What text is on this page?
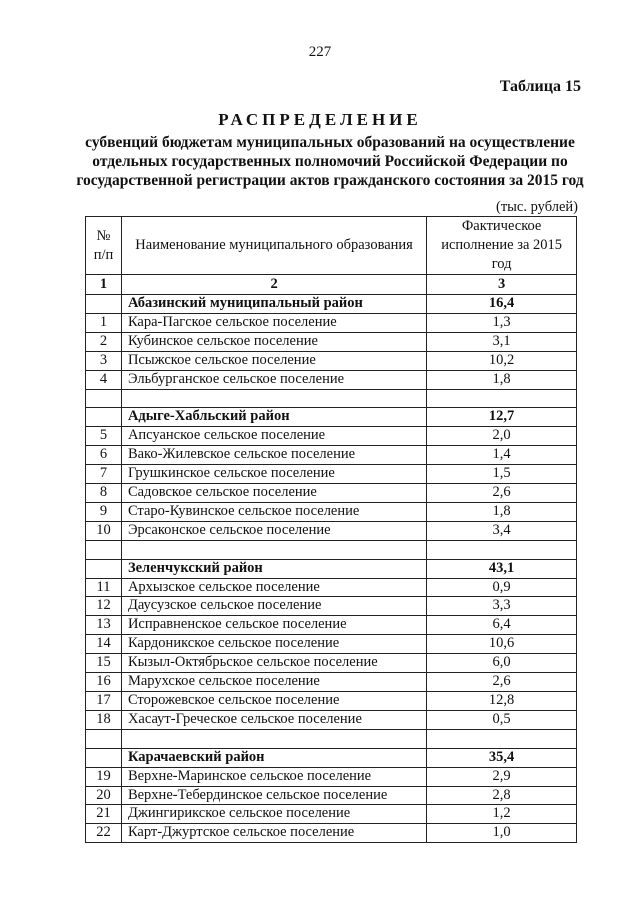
227
Таблица 15
РАСПРЕДЕЛЕНИЕ
субвенций бюджетам муниципальных образований на осуществление отдельных государственных полномочий Российской Федерации по государственной регистрации актов гражданского состояния за 2015 год
(тыс. рублей)
№ п/п	Наименование муниципального образования	Фактическое исполнение за 2015 год
1	2	3
	Абазинский муниципальный район	16,4
1	Кара-Пагское сельское поселение	1,3
2	Кубинское сельское поселение	3,1
3	Псыжское сельское поселение	10,2
4	Эльбурганское сельское поселение	1,8

	Адыге-Хабльский район	12,7
5	Апсуанское сельское поселение	2,0
6	Вако-Жилевское сельское поселение	1,4
7	Грушкинское сельское поселение	1,5
8	Садовское сельское поселение	2,6
9	Старо-Кувинское сельское поселение	1,8
10	Эрсаконское сельское поселение	3,4

	Зеленчукский район	43,1
11	Архызское сельское поселение	0,9
12	Даусузское сельское поселение	3,3
13	Исправненское сельское поселение	6,4
14	Кардоникское сельское поселение	10,6
15	Кызыл-Октябрьское сельское поселение	6,0
16	Марухское сельское поселение	2,6
17	Сторожевское сельское поселение	12,8
18	Хасаут-Греческое сельское поселение	0,5

	Карачаевский район	35,4
19	Верхне-Маринское сельское поселение	2,9
20	Верхне-Тебердинское сельское поселение	2,8
21	Джингирикское сельское поселение	1,2
22	Карт-Джуртское сельское поселение	1,0
